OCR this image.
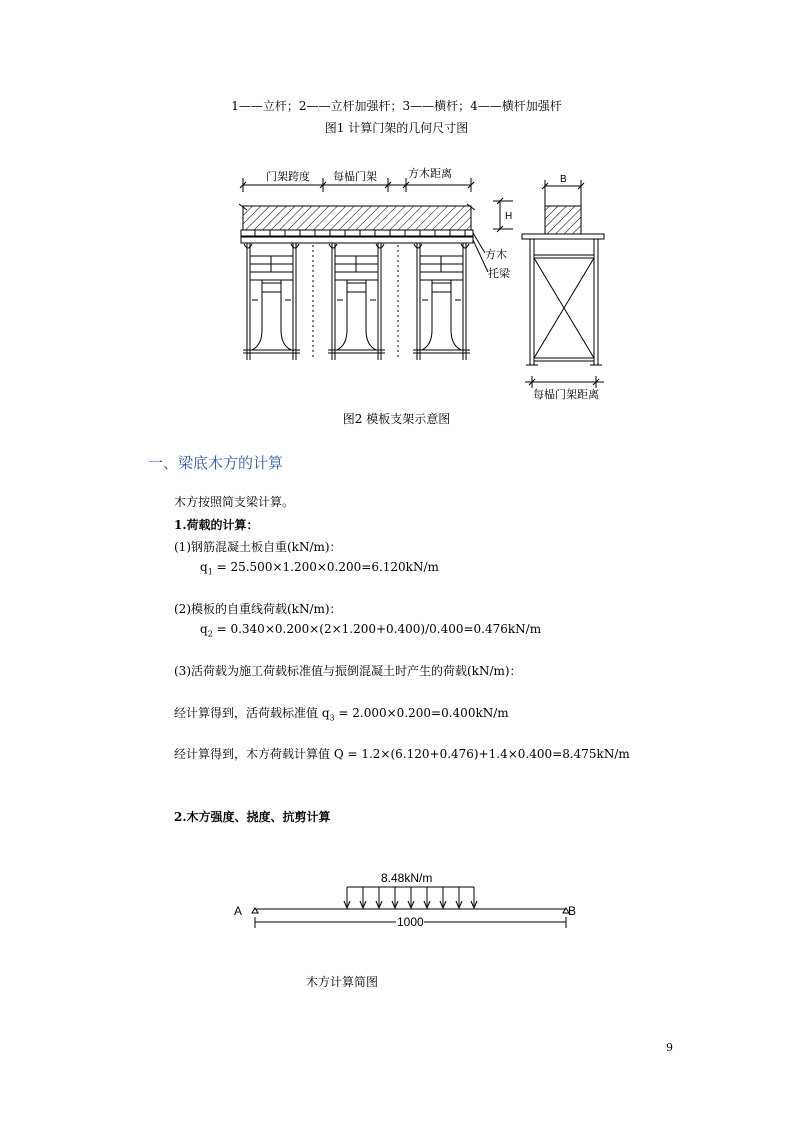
1——立杆；2——立杆加强杆；3——横杆；4——横杆加强杆
图1 计算门架的几何尺寸图
门架跨度 每榀门架	方木距离
方木
托梁
H
B
每榀门架距离
图2 模板支架示意图
一、梁底木方的计算
木方按照简支梁计算。
1.荷载的计算：
(1)钢筋混凝土板自重(kN/m)：
$q_1 = 25.500\times 1.200\times 0.200=6.120kN/m$
(2)模板的自重线荷载(kN/m)：
$q_2 = 0.340\times 0.200\times(2\times 1.200+0.400)/0.400=0.476kN/m$
(3)活荷载为施工荷载标准值与振倒混凝土时产生的荷载(kN/m)：
经计算得到，活荷载标准值 $q_3 = 2.000\times 0.200=0.400kN/m$
经计算得到，木方荷载计算值 Q = 1.2×(6.120+0.476)+1.4×0.400=8.475kN/m
2.木方强度、挠度、抗剪计算
8.48kN/m
A	B
1000
木方计算简图
9
